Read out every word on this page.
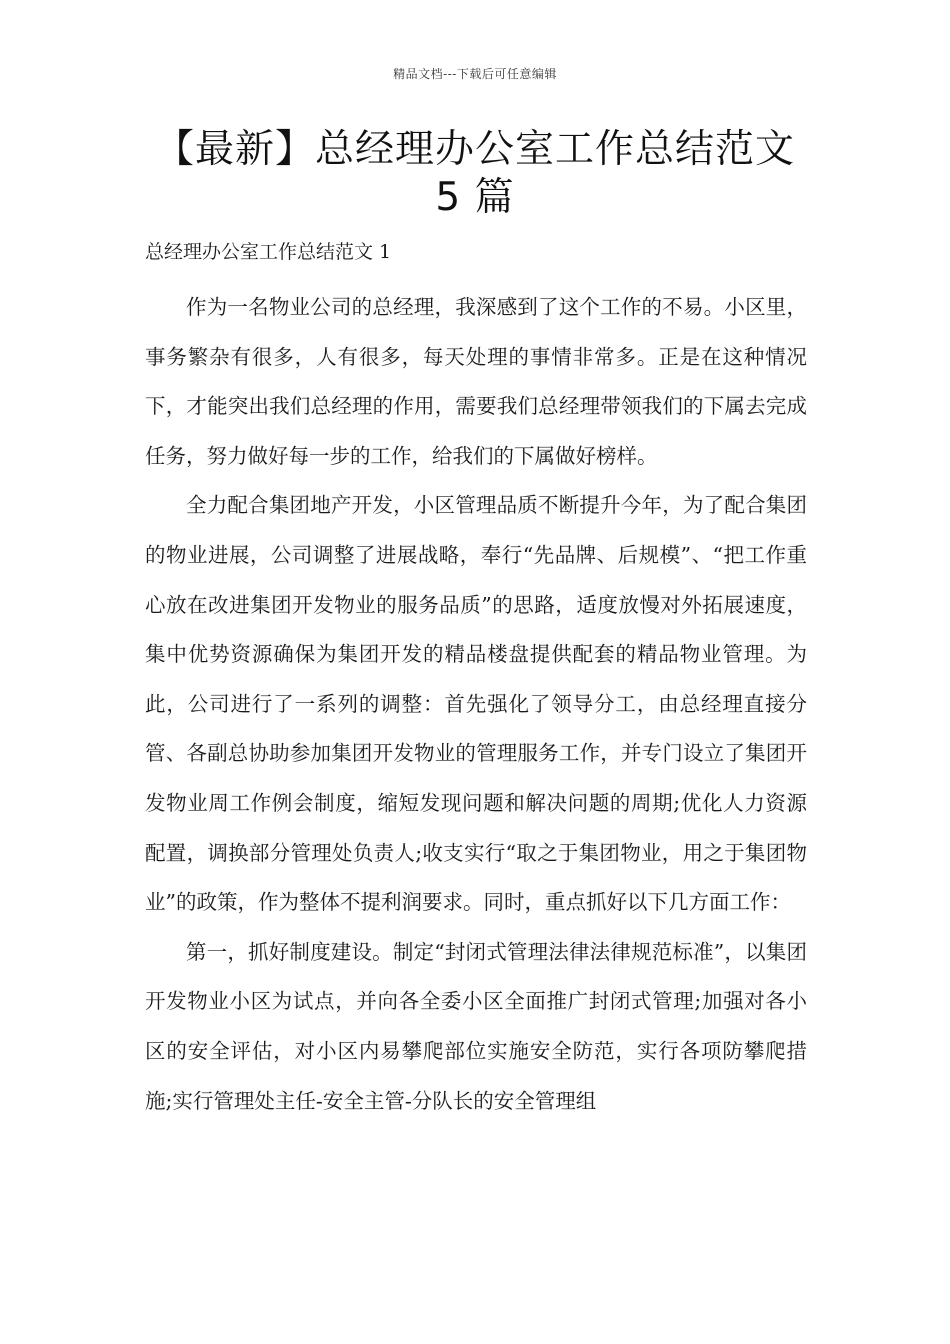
精品文档---下载后可任意编辑
【最新】总经理办公室工作总结范文 5 篇
总经理办公室工作总结范文 1

作为一名物业公司的总经理，我深感到了这个工作的不易。小区里，事务繁杂有很多，人有很多，每天处理的事情非常多。正是在这种情况下，才能突出我们总经理的作用，需要我们总经理带领我们的下属去完成任务，努力做好每一步的工作，给我们的下属做好榜样。

全力配合集团地产开发，小区管理品质不断提升今年，为了配合集团的物业进展，公司调整了进展战略，奉行“先品牌、后规模”、“把工作重心放在改进集团开发物业的服务品质”的思路，适度放慢对外拓展速度，集中优势资源确保为集团开发的精品楼盘提供配套的精品物业管理。为此，公司进行了一系列的调整：首先强化了领导分工，由总经理直接分管、各副总协助参加集团开发物业的管理服务工作，并专门设立了集团开发物业周工作例会制度，缩短发现问题和解决问题的周期;优化人力资源配置，调换部分管理处负责人;收支实行“取之于集团物业，用之于集团物业”的政策，作为整体不提利润要求。同时，重点抓好以下几方面工作：

第一，抓好制度建设。制定“封闭式管理法律法律规范标准”，以集团开发物业小区为试点，并向各全委小区全面推广封闭式管理;加强对各小区的安全评估，对小区内易攀爬部位实施安全防范，实行各项防攀爬措施;实行管理处主任-安全主管-分队长的安全管理组
